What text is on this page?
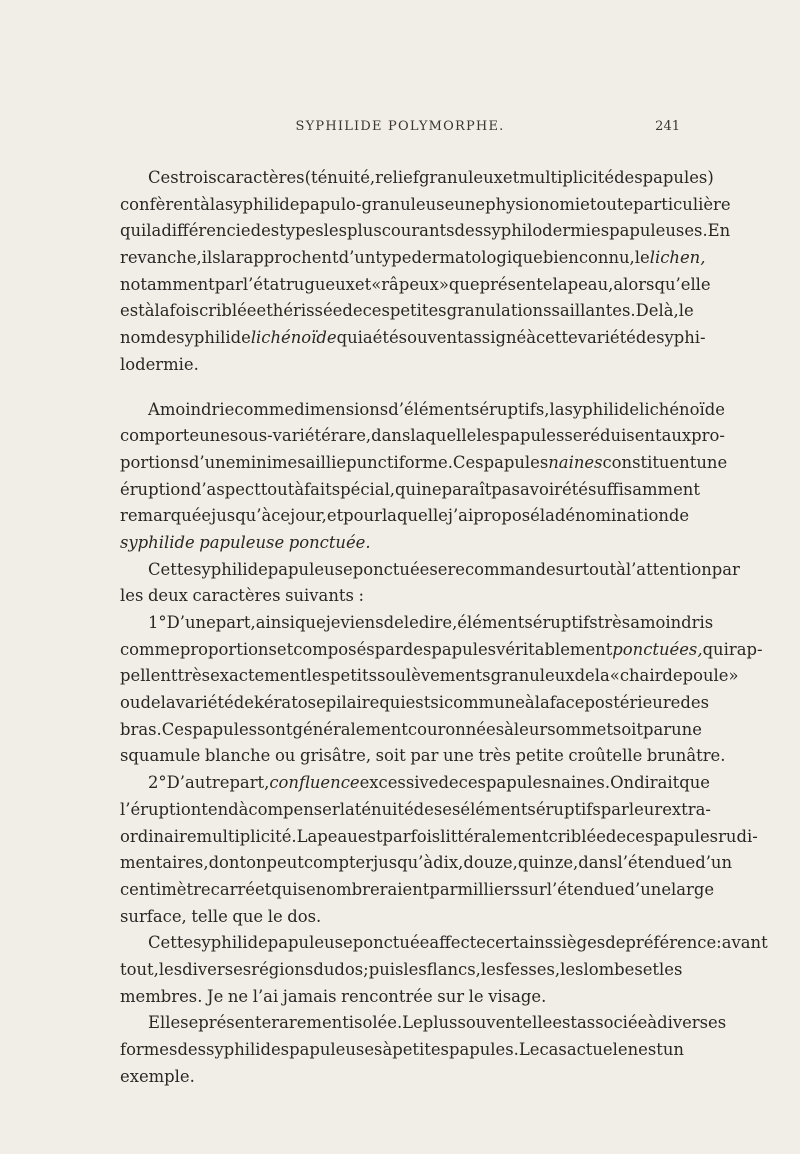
SYPHILIDE POLYMORPHE.	241
Ces trois caractères (ténuité, relief granuleux et multiplicité des papules)
confèrent à la syphilide papulo-granuleuse une physionomie toute particulière
qui la différencie des types les plus courants des syphilodermies papuleuses. En
revanche, ils la rapprochent d’un type dermatologique bien connu, le lichen,
notamment par l’état rugueux et « râpeux » que présente la peau, alors qu’elle
est à la fois criblée et hérissée de ces petites granulations saillantes. De là, le
nom de syphilide lichénoïde qui a été souvent assigné à cette variété de syphi-
lodermie.
Amoindrie comme dimensions d’éléments éruptifs, la syphilide lichénoïde
comporte une sous-variété rare, dans laquelle les papules se réduisent aux pro-
portions d’une minime saillie punctiforme. Ces papules naines constituent une
éruption d’aspect tout à fait spécial, qui ne paraît pas avoir été suffisamment
remarquée jusqu’à ce jour, et pour laquelle j’ai proposé la dénomination de
syphilide papuleuse ponctuée.
Cette syphilide papuleuse ponctuée se recommande surtout à l’attention par
les deux caractères suivants :
1° D’une part, ainsi que je viens de le dire, éléments éruptifs très amoindris
comme proportions et composés par des papules véritablement ponctuées, qui rap-
pellent très exactement les petits soulèvements granuleux de la « chair de poule »
ou de la variété de kératose pilaire qui est si commune à la face postérieure des
bras. Ces papules sont généralement couronnées à leur sommet soit par une
squamule blanche ou grisâtre, soit par une très petite croûtelle brunâtre.
2° D’autre part, confluence excessive de ces papules naines. On dirait que
l’éruption tend à compenser la ténuité de ses éléments éruptifs par leur extra-
ordinaire multiplicité. La peau est parfois littéralement criblée de ces papules rudi-
mentaires, dont on peut compter jusqu’à dix, douze, quinze, dans l’étendue d’un
centimètre carré et qui se nombreraient par milliers sur l’étendue d’une large
surface, telle que le dos.
Cette syphilide papuleuse ponctuée affecte certains sièges de préférence : avant
tout, les diverses régions du dos; puis les flancs, les fesses, les lombes et les
membres. Je ne l’ai jamais rencontrée sur le visage.
Elle se présente rarement isolée. Le plus souvent elle est associée à diverses
formes des syphilides papuleuses à petites papules. Le cas actuel en est un
exemple.
